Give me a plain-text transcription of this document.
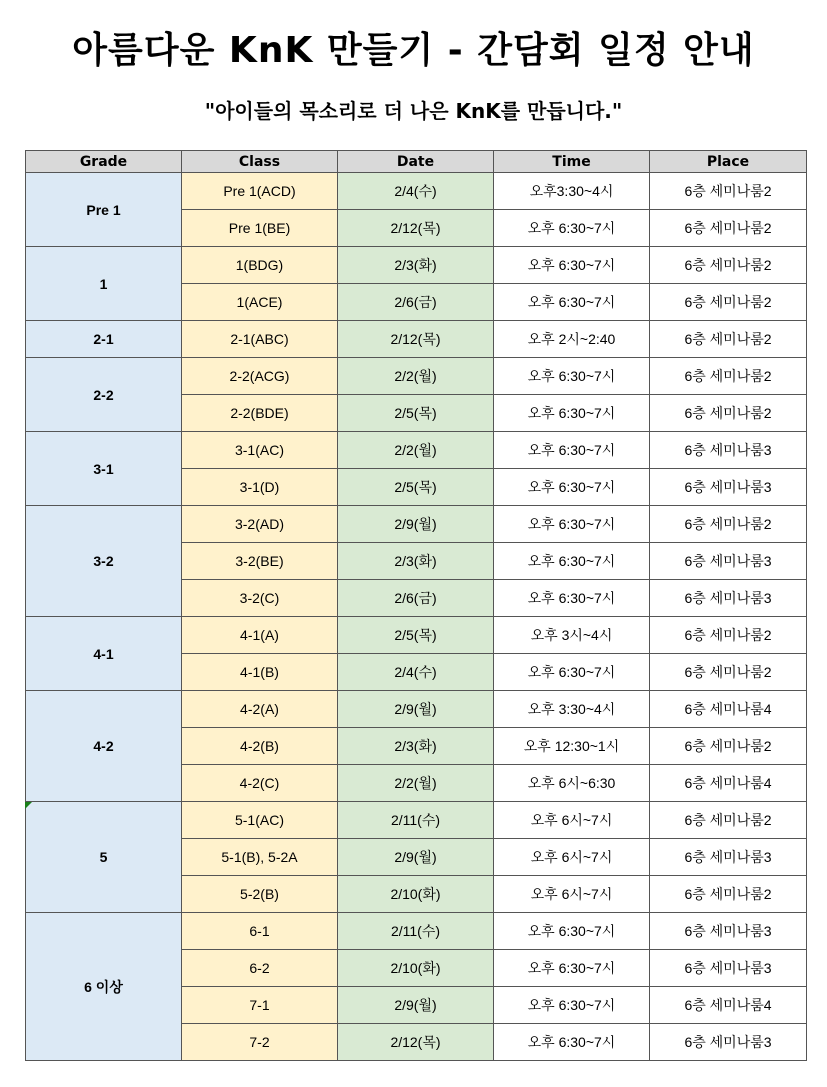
아름다운 KnK 만들기 - 간담회 일정 안내
"아이들의 목소리로 더 나은 KnK를 만듭니다."
Grade	Class	Date	Time	Place
Pre 1	Pre 1(ACD)	2/4(수)	오후3:30~4시	6층 세미나룸2
	Pre 1(BE)	2/12(목)	오후 6:30~7시	6층 세미나룸2
1	1(BDG)	2/3(화)	오후 6:30~7시	6층 세미나룸2
	1(ACE)	2/6(금)	오후 6:30~7시	6층 세미나룸2
2-1	2-1(ABC)	2/12(목)	오후 2시~2:40	6층 세미나룸2
2-2	2-2(ACG)	2/2(월)	오후 6:30~7시	6층 세미나룸2
	2-2(BDE)	2/5(목)	오후 6:30~7시	6층 세미나룸2
3-1	3-1(AC)	2/2(월)	오후 6:30~7시	6층 세미나룸3
	3-1(D)	2/5(목)	오후 6:30~7시	6층 세미나룸3
3-2	3-2(AD)	2/9(월)	오후 6:30~7시	6층 세미나룸2
	3-2(BE)	2/3(화)	오후 6:30~7시	6층 세미나룸3
	3-2(C)	2/6(금)	오후 6:30~7시	6층 세미나룸3
4-1	4-1(A)	2/5(목)	오후 3시~4시	6층 세미나룸2
	4-1(B)	2/4(수)	오후 6:30~7시	6층 세미나룸2
4-2	4-2(A)	2/9(월)	오후 3:30~4시	6층 세미나룸4
	4-2(B)	2/3(화)	오후 12:30~1시	6층 세미나룸2
	4-2(C)	2/2(월)	오후 6시~6:30	6층 세미나룸4
5	5-1(AC)	2/11(수)	오후 6시~7시	6층 세미나룸2
	5-1(B), 5-2A	2/9(월)	오후 6시~7시	6층 세미나룸3
	5-2(B)	2/10(화)	오후 6시~7시	6층 세미나룸2
6 이상	6-1	2/11(수)	오후 6:30~7시	6층 세미나룸3
	6-2	2/10(화)	오후 6:30~7시	6층 세미나룸3
	7-1	2/9(월)	오후 6:30~7시	6층 세미나룸4
	7-2	2/12(목)	오후 6:30~7시	6층 세미나룸3
